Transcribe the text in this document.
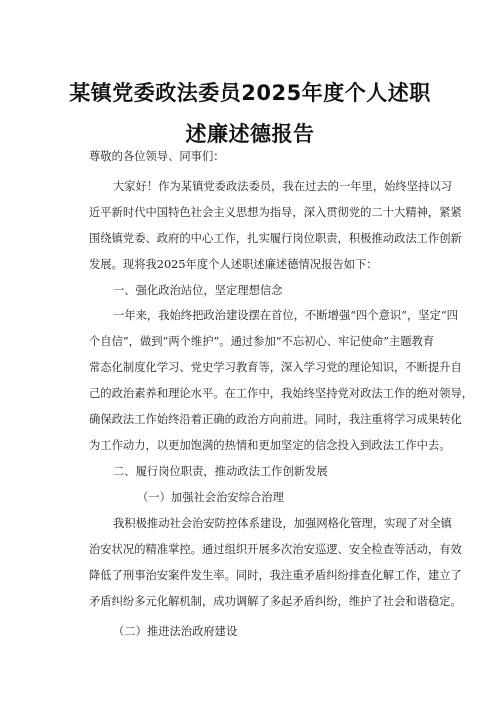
某镇党委政法委员2025年度个人述职
述廉述德报告
尊敬的各位领导、同事们：
大家好！作为某镇党委政法委员，我在过去的一年里，始终坚持以习
近平新时代中国特色社会主义思想为指导，深入贯彻党的二十大精神，紧紧
围绕镇党委、政府的中心工作，扎实履行岗位职责，积极推动政法工作创新
发展。现将我2025年度个人述职述廉述德情况报告如下：
一、强化政治站位，坚定理想信念
一年来，我始终把政治建设摆在首位，不断增强“四个意识”，坚定“四
个自信”，做到“两个维护”。通过参加“不忘初心、牢记使命”主题教育
常态化制度化学习、党史学习教育等，深入学习党的理论知识，不断提升自
己的政治素养和理论水平。在工作中，我始终坚持党对政法工作的绝对领导，
确保政法工作始终沿着正确的政治方向前进。同时，我注重将学习成果转化
为工作动力，以更加饱满的热情和更加坚定的信念投入到政法工作中去。
二、履行岗位职责，推动政法工作创新发展
（一）加强社会治安综合治理
我积极推动社会治安防控体系建设，加强网格化管理，实现了对全镇
治安状况的精准掌控。通过组织开展多次治安巡逻、安全检查等活动，有效
降低了刑事治安案件发生率。同时，我注重矛盾纠纷排查化解工作，建立了
矛盾纠纷多元化解机制，成功调解了多起矛盾纠纷，维护了社会和谐稳定。
（二）推进法治政府建设
